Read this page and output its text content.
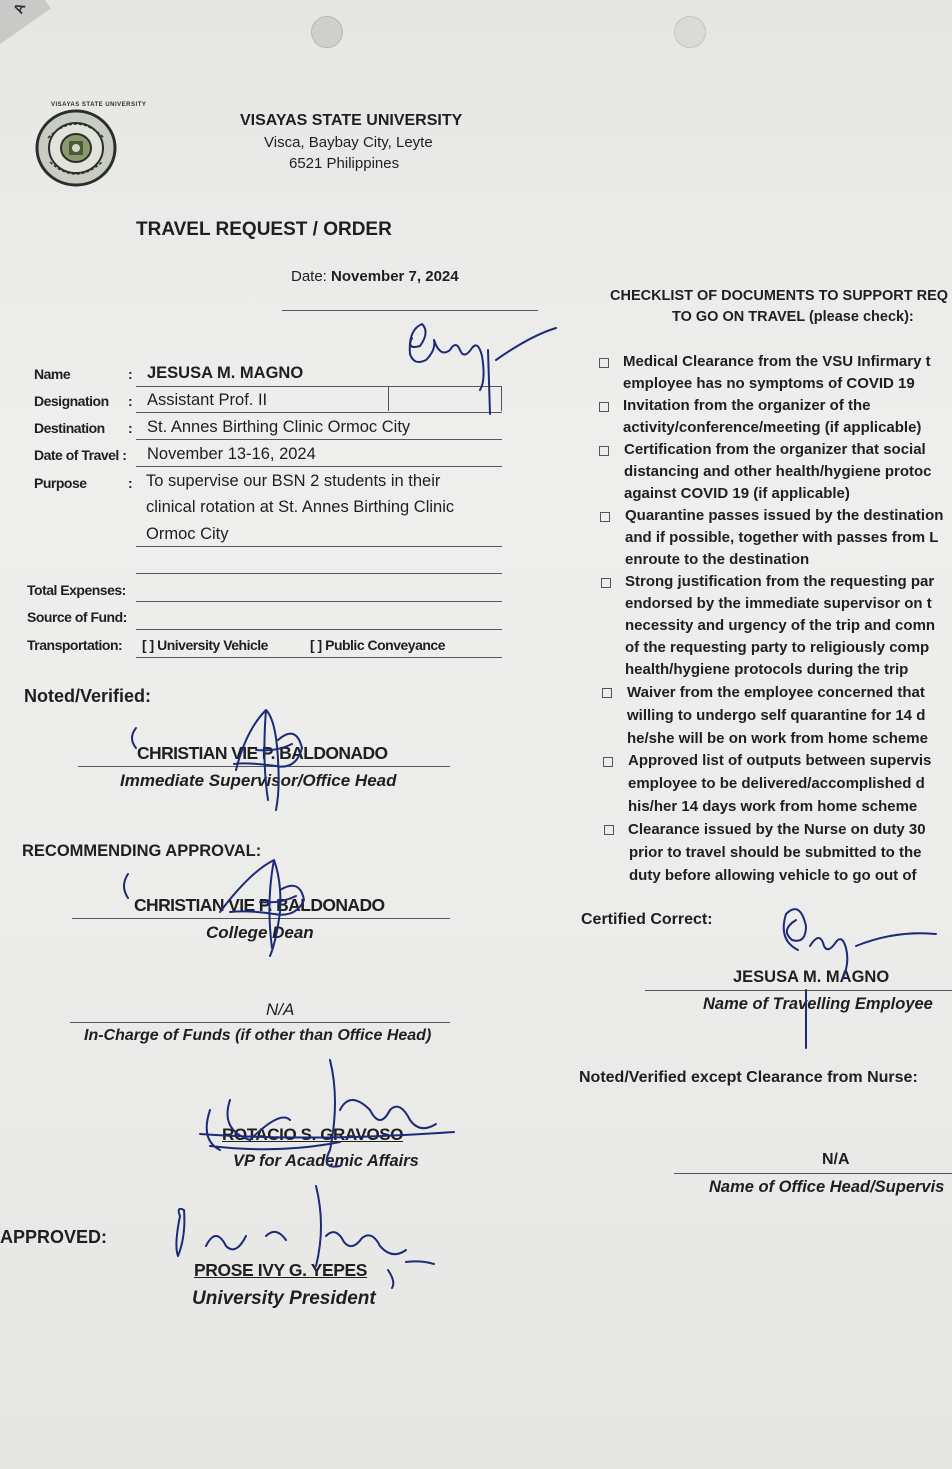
A
VISAYAS STATE UNIVERSITY
VISAYAS STATE UNIVERSITY
Visca, Baybay City, Leyte
6521 Philippines
TRAVEL REQUEST / ORDER
Date: November 7, 2024
Name	: JESUSA M. MAGNO
Designation : Assistant Prof. II
Destination : St. Annes Birthing Clinic Ormoc City
Date of Travel : November 13-16, 2024
Purpose	: To supervise our BSN 2 students in their
clinical rotation at St. Annes Birthing Clinic
Ormoc City
Total Expenses:
Source of Fund:
Transportation: [ ] University Vehicle	[ ] Public Conveyance
Noted/Verified:
CHRISTIAN VIE P. BALDONADO
Immediate Supervisor/Office Head
RECOMMENDING APPROVAL:
CHRISTIAN VIE P. BALDONADO
College Dean
N/A
In-Charge of Funds (if other than Office Head)
ROTACIO S. GRAVOSO
VP for Academic Affairs
APPROVED:
PROSE IVY G. YEPES
University President
CHECKLIST OF DOCUMENTS TO SUPPORT REQ
TO GO ON TRAVEL (please check):
Medical Clearance from the VSU Infirmary t
employee has no symptoms of COVID 19
Invitation from the organizer of the
activity/conference/meeting (if applicable)
Certification from the organizer that social
distancing and other health/hygiene protoc
against COVID 19 (if applicable)
Quarantine passes issued by the destination
and if possible, together with passes from L
enroute to the destination
Strong justification from the requesting par
endorsed by the immediate supervisor on t
necessity and urgency of the trip and comn
of the requesting party to religiously comp
health/hygiene protocols during the trip
Waiver from the employee concerned that
willing to undergo self quarantine for 14 d
he/she will be on work from home scheme
Approved list of outputs between supervis
employee to be delivered/accomplished d
his/her 14 days work from home scheme
Clearance issued by the Nurse on duty 30
prior to travel should be submitted to the
duty before allowing vehicle to go out of
Certified Correct:
JESUSA M. MAGNO
Name of Travelling Employee
Noted/Verified except Clearance from Nurse:
N/A
Name of Office Head/Supervis
